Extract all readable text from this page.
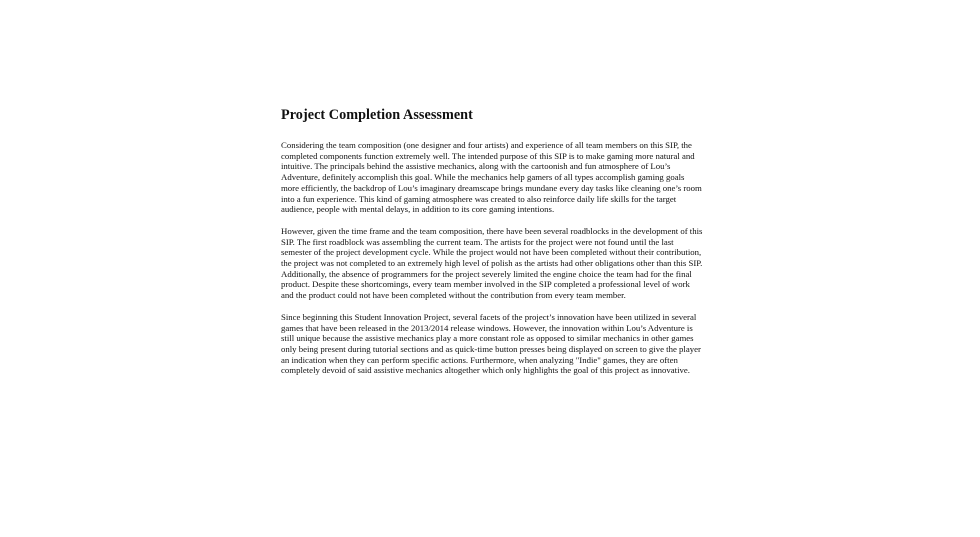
Project Completion Assessment

Considering the team composition (one designer and four artists) and experience of all team members on this SIP, the completed components function extremely well. The intended purpose of this SIP is to make gaming more natural and intuitive. The principals behind the assistive mechanics, along with the cartoonish and fun atmosphere of Lou’s Adventure, definitely accomplish this goal. While the mechanics help gamers of all types accomplish gaming goals more efficiently, the backdrop of Lou’s imaginary dreamscape brings mundane every day tasks like cleaning one’s room into a fun experience. This kind of gaming atmosphere was created to also reinforce daily life skills for the target audience, people with mental delays, in addition to its core gaming intentions.

However, given the time frame and the team composition, there have been several roadblocks in the development of this SIP. The first roadblock was assembling the current team. The artists for the project were not found until the last semester of the project development cycle. While the project would not have been completed without their contribution, the project was not completed to an extremely high level of polish as the artists had other obligations other than this SIP. Additionally, the absence of programmers for the project severely limited the engine choice the team had for the final product. Despite these shortcomings, every team member involved in the SIP completed a professional level of work and the product could not have been completed without the contribution from every team member.

Since beginning this Student Innovation Project, several facets of the project’s innovation have been utilized in several games that have been released in the 2013/2014 release windows. However, the innovation within Lou’s Adventure is still unique because the assistive mechanics play a more constant role as opposed to similar mechanics in other games only being present during tutorial sections and as quick-time button presses being displayed on screen to give the player an indication when they can perform specific actions. Furthermore, when analyzing "Indie" games, they are often completely devoid of said assistive mechanics altogether which only highlights the goal of this project as innovative.
